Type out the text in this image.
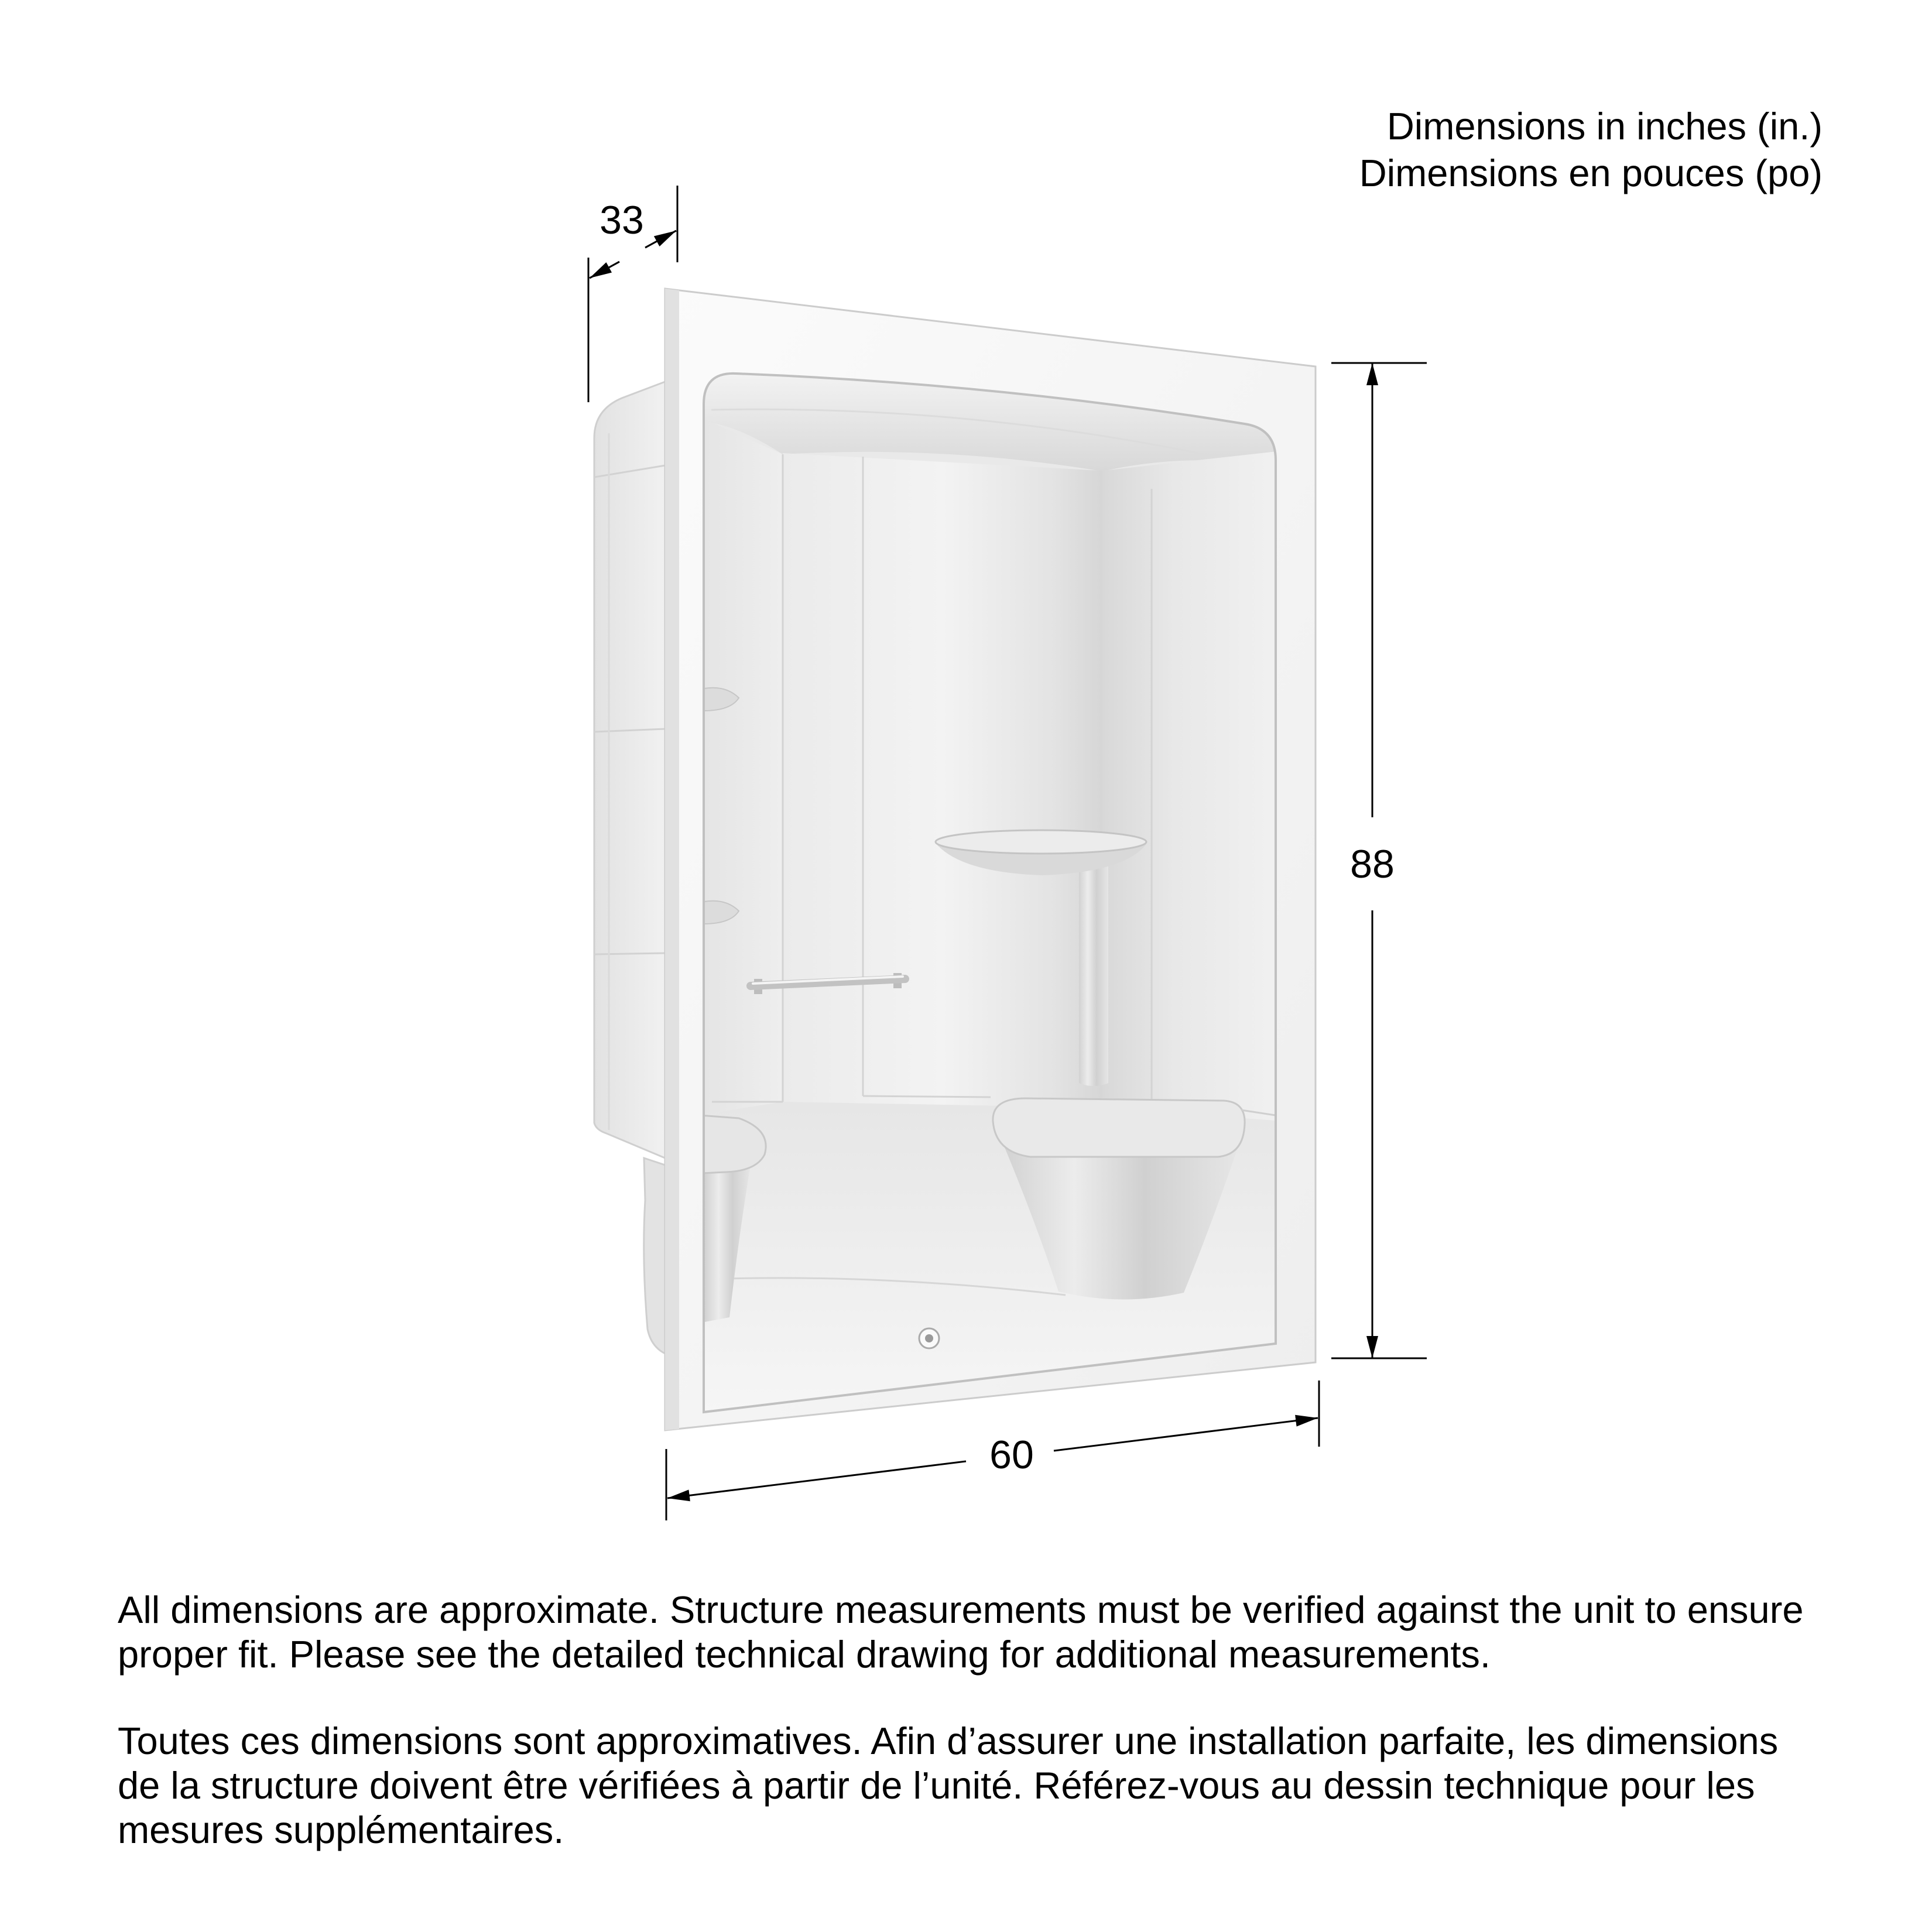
Dimensions in inches (in.)
Dimensions en pouces (po)
33
88
60
All dimensions are approximate. Structure measurements must be verified against the unit to ensure
proper fit. Please see the detailed technical drawing for additional measurements.
Toutes ces dimensions sont approximatives. Afin d’assurer une installation parfaite, les dimensions
de la structure doivent être vérifiées à partir de l’unité. Référez-vous au dessin technique pour les
mesures supplémentaires.
